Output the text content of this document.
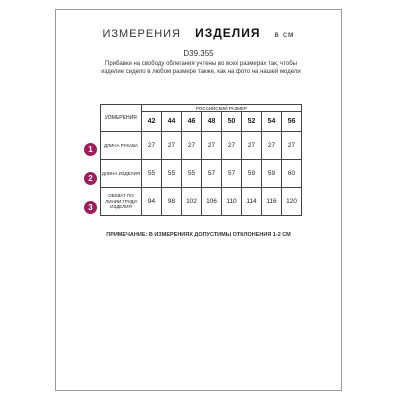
ИЗМЕРЕНИЯ ИЗДЕЛИЯ в см
D39.355
Прибавки на свободу облегания учтены во всех размерах так, чтобы изделие сидело в любом размере также, как на фото на нашей модели
ИЗМЕРЕНИЯ	РОССИЙСКИЙ РАЗМЕР							
	42	44	46	48	50	52	54	56
ДЛИНА РУКАВА	27	27	27	27	27	27	27	27
ДЛИНА ИЗДЕЛИЯ	55	55	55	57	57	59	59	60
ОБХВАТ ПО ЛИНИИ ГРУДИ ИЗДЕЛИЯ	94	98	102	106	110	114	116	120
1
2
3
ПРИМЕЧАНИЕ: В ИЗМЕРЕНИЯХ ДОПУСТИМЫ ОТКЛОНЕНИЯ 1-2 СМ
